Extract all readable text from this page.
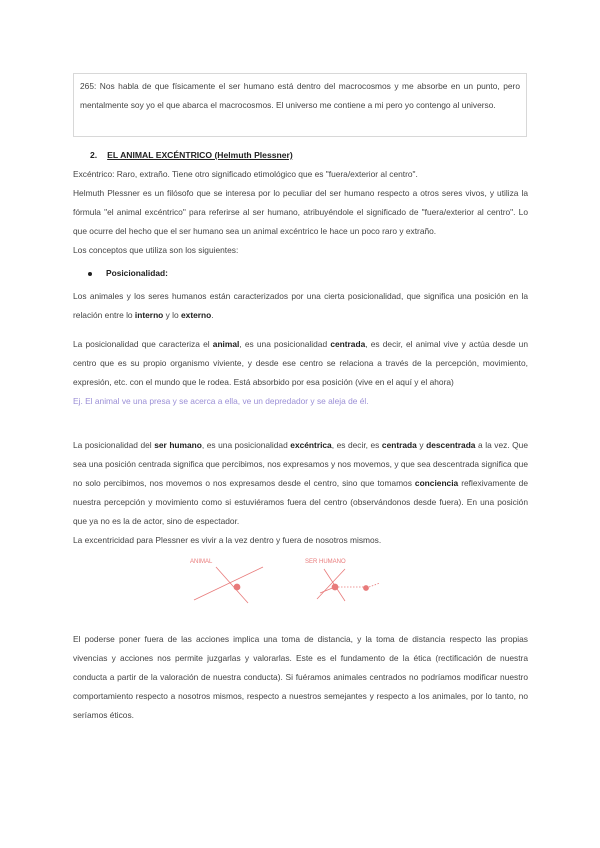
265: Nos habla de que físicamente el ser humano está dentro del macrocosmos y me absorbe en un punto, pero mentalmente soy yo el que abarca el macrocosmos. El universo me contiene a mi pero yo contengo al universo.
2. EL ANIMAL EXCÉNTRICO (Helmuth Plessner)
Excéntrico: Raro, extraño. Tiene otro significado etimológico que es "fuera/exterior al centro".
Helmuth Plessner es un filósofo que se interesa por lo peculiar del ser humano respecto a otros seres vivos, y utiliza la fórmula "el animal excéntrico" para referirse al ser humano, atribuyéndole el significado de "fuera/exterior al centro". Lo que ocurre del hecho que el ser humano sea un animal excéntrico le hace un poco raro y extraño.
Los conceptos que utiliza son los siguientes:
Posicionalidad:
Los animales y los seres humanos están caracterizados por una cierta posicionalidad, que significa una posición en la relación entre lo interno y lo externo.
La posicionalidad que caracteriza el animal, es una posicionalidad centrada, es decir, el animal vive y actúa desde un centro que es su propio organismo viviente, y desde ese centro se relaciona a través de la percepción, movimiento, expresión, etc. con el mundo que le rodea. Está absorbido por esa posición (vive en el aquí y el ahora)
Ej. El animal ve una presa y se acerca a ella, ve un depredador y se aleja de él.
La posicionalidad del ser humano, es una posicionalidad excéntrica, es decir, es centrada y descentrada a la vez. Que sea una posición centrada significa que percibimos, nos expresamos y nos movemos, y que sea descentrada significa que no solo percibimos, nos movemos o nos expresamos desde el centro, sino que tomamos conciencia reflexivamente de nuestra percepción y movimiento como si estuviéramos fuera del centro (observándonos desde fuera). En una posición que ya no es la de actor, sino de espectador.
La excentricidad para Plessner es vivir a la vez dentro y fuera de nosotros mismos.
ANIMAL	SER HUMANO
El poderse poner fuera de las acciones implica una toma de distancia, y la toma de distancia respecto las propias vivencias y acciones nos permite juzgarlas y valorarlas. Este es el fundamento de la ética (rectificación de nuestra conducta a partir de la valoración de nuestra conducta). Si fuéramos animales centrados no podríamos modificar nuestro comportamiento respecto a nosotros mismos, respecto a nuestros semejantes y respecto a los animales, por lo tanto, no seríamos éticos.
